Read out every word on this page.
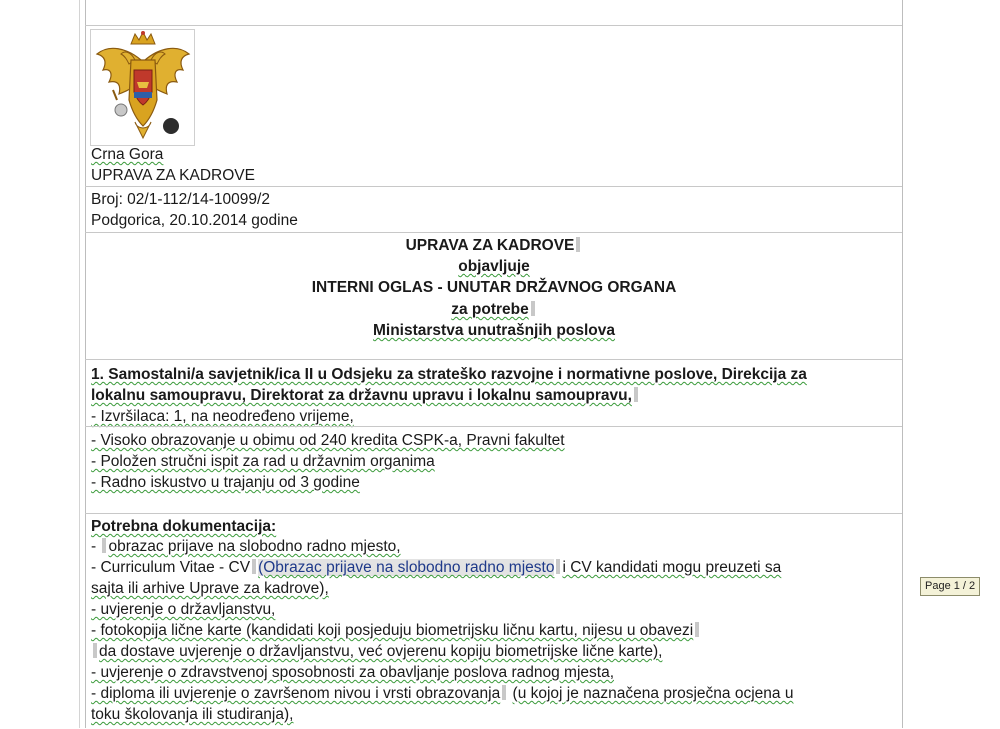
Crna Gora
UPRAVA ZA KADROVE
Broj: 02/1-112/14-10099/2
Podgorica, 20.10.2014 godine
UPRAVA ZA KADROVE
objavljuje
INTERNI OGLAS - UNUTAR DRŽAVNOG ORGANA
za potrebe
Ministarstva unutrašnjih poslova
1. Samostalni/a savjetnik/ica II u Odsjeku za strateško razvojne i normativne poslove, Direkcija za
lokalnu samoupravu, Direktorat za državnu upravu i lokalnu samoupravu,
- Izvršilaca: 1, na neodređeno vrijeme,
- Visoko obrazovanje u obimu od 240 kredita CSPK-a, Pravni fakultet
- Položen stručni ispit za rad u državnim organima
- Radno iskustvo u trajanju od 3 godine
Potrebna dokumentacija:
- obrazac prijave na slobodno radno mjesto,
- Curriculum Vitae - CV (Obrazac prijave na slobodno radno mjesto i CV kandidati mogu preuzeti sa
sajta ili arhive Uprave za kadrove),
- uvjerenje o državljanstvu,
- fotokopija lične karte (kandidati koji posjeduju biometrijsku ličnu kartu, nijesu u obavezi
da dostave uvjerenje o državljanstvu, već ovjerenu kopiju biometrijske lične karte),
- uvjerenje o zdravstvenoj sposobnosti za obavljanje poslova radnog mjesta,
- diploma ili uvjerenje o završenom nivou i vrsti obrazovanja (u kojoj je naznačena prosječna ocjena u
toku školovanja ili studiranja),
Page 1 / 2
